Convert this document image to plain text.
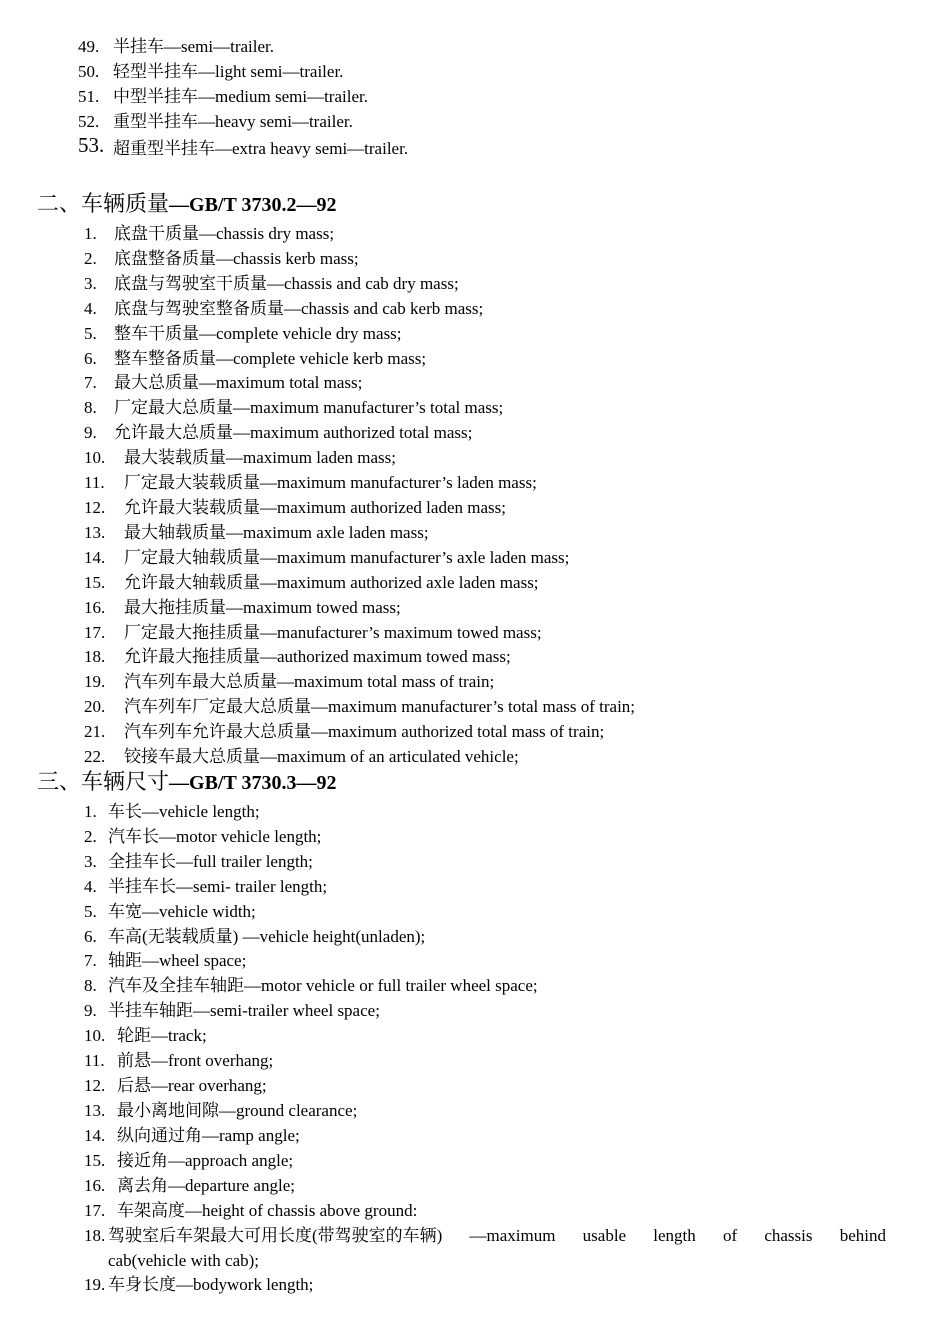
49. 半挂车—semi—trailer.
50. 轻型半挂车—light semi—trailer.
51. 中型半挂车—medium semi—trailer.
52. 重型半挂车—heavy semi—trailer.
53. 超重型半挂车—extra heavy semi—trailer.
二、车辆质量—GB/T 3730.2—92
1.	底盘干质量—chassis dry mass;
2.	底盘整备质量—chassis kerb mass;
3.	底盘与驾驶室干质量—chassis and cab dry mass;
4.	底盘与驾驶室整备质量—chassis and cab kerb mass;
5.	整车干质量—complete vehicle dry mass;
6.	整车整备质量—complete vehicle kerb mass;
7.	最大总质量—maximum total mass;
8.	厂定最大总质量—maximum manufacturer’s total mass;
9.	允许最大总质量—maximum authorized total mass;
10.	最大装载质量—maximum laden mass;
11.	厂定最大装载质量—maximum manufacturer’s laden mass;
12.	允许最大装载质量—maximum authorized laden mass;
13.	最大轴载质量—maximum axle laden mass;
14.	厂定最大轴载质量—maximum manufacturer’s axle laden mass;
15.	允许最大轴载质量—maximum authorized axle laden mass;
16.	最大拖挂质量—maximum towed mass;
17.	厂定最大拖挂质量—manufacturer’s maximum towed mass;
18.	允许最大拖挂质量—authorized maximum towed mass;
19.	汽车列车最大总质量—maximum total mass of train;
20.	汽车列车厂定最大总质量—maximum manufacturer’s total mass of train;
21.	汽车列车允许最大总质量—maximum authorized total mass of train;
22.	铰接车最大总质量—maximum of an articulated vehicle;
三、车辆尺寸—GB/T 3730.3—92
1. 车长—vehicle length;
2. 汽车长—motor vehicle length;
3. 全挂车长—full trailer length;
4. 半挂车长—semi- trailer length;
5. 车宽—vehicle width;
6. 车高(无装载质量) —vehicle height(unladen);
7. 轴距—wheel space;
8. 汽车及全挂车轴距—motor vehicle or full trailer wheel space;
9. 半挂车轴距—semi-trailer wheel space;
10. 轮距—track;
11. 前悬—front overhang;
12. 后悬—rear overhang;
13. 最小离地间隙—ground clearance;
14. 纵向通过角—ramp angle;
15. 接近角—approach angle;
16. 离去角—departure angle;
17. 车架高度—height of chassis above ground:
18. 驾驶室后车架最大可用长度(带驾驶室的车辆) —maximum usable length of chassis behind
cab(vehicle with cab);
19. 车身长度—bodywork length;
